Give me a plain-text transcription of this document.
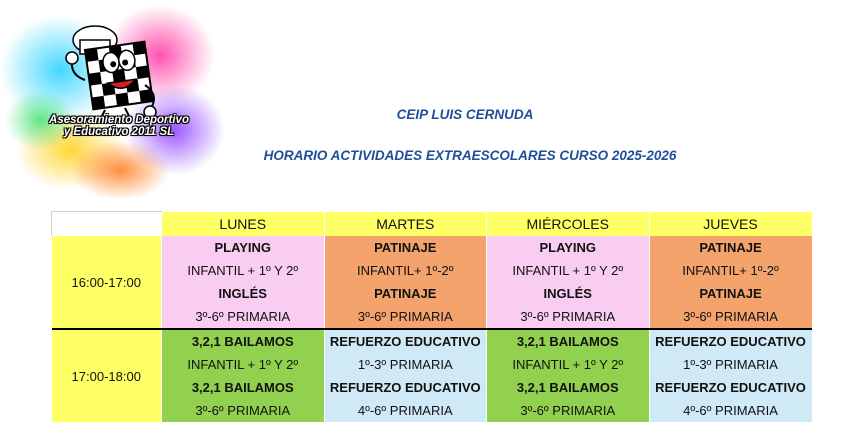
Asesoramiento Deportivo
y Educativo 2011 SL
CEIP LUIS CERNUDA
HORARIO ACTIVIDADES EXTRAESCOLARES CURSO 2025-2026
	LUNES	MARTES	MIÉRCOLES	JUEVES
16:00-17:00	PLAYING	PATINAJE	PLAYING	PATINAJE
	INFANTIL + 1º Y 2º	INFANTIL+ 1º-2º	INFANTIL + 1º Y 2º	INFANTIL+ 1º-2º
	INGLÉS	PATINAJE	INGLÉS	PATINAJE
	3º-6º PRIMARIA	3º-6º PRIMARIA	3º-6º PRIMARIA	3º-6º PRIMARIA
17:00-18:00	3,2,1 BAILAMOS	REFUERZO EDUCATIVO	3,2,1 BAILAMOS	REFUERZO EDUCATIVO
	INFANTIL + 1º Y 2º	1º-3º PRIMARIA	INFANTIL + 1º Y 2º	1º-3º PRIMARIA
	3,2,1 BAILAMOS	REFUERZO EDUCATIVO	3,2,1 BAILAMOS	REFUERZO EDUCATIVO
	3º-6º PRIMARIA	4º-6º PRIMARIA	3º-6º PRIMARIA	4º-6º PRIMARIA
